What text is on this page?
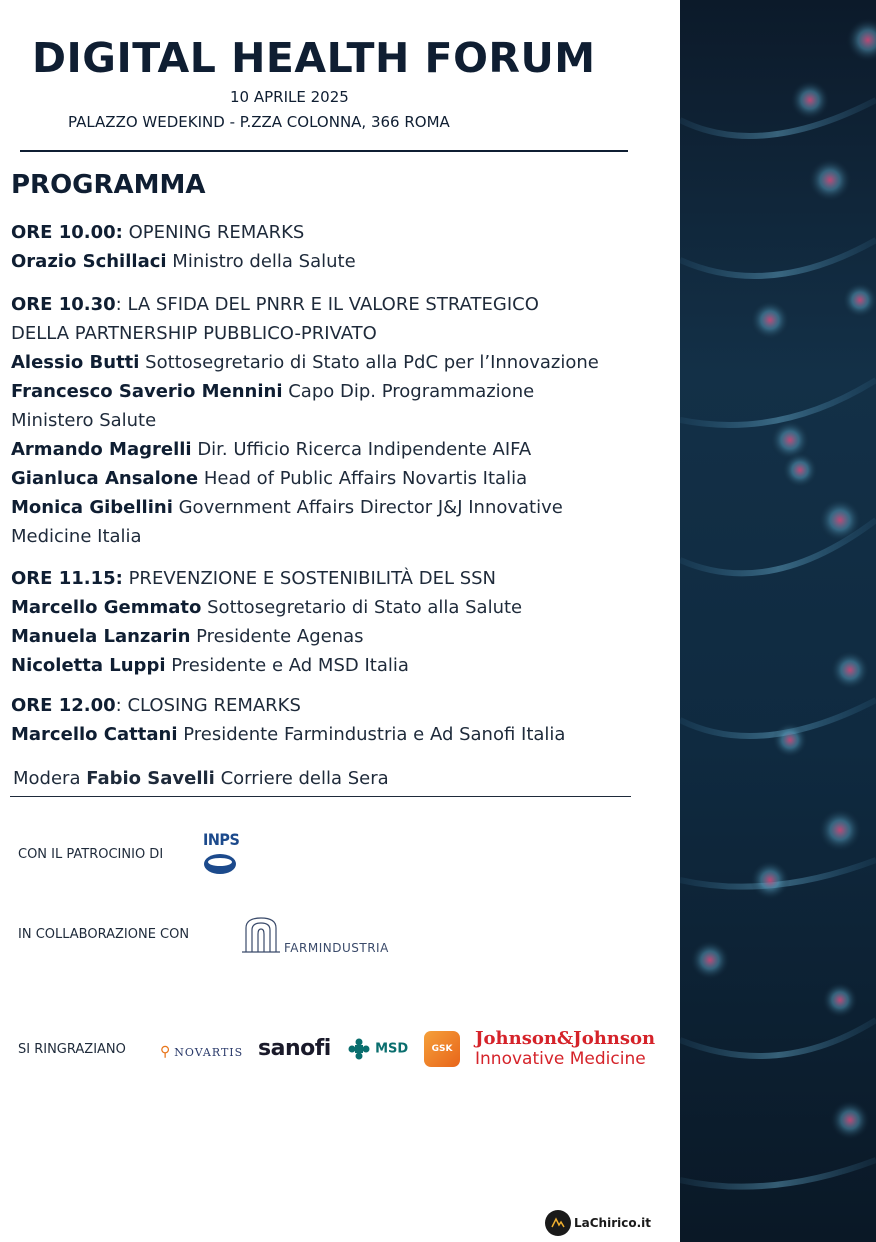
DIGITAL HEALTH FORUM
10 APRILE 2025
PALAZZO WEDEKIND - P.ZZA COLONNA, 366 ROMA
PROGRAMMA

ORE 10.00: OPENING REMARKS

Orazio Schillaci Ministro della Salute

ORE 10.30: LA SFIDA DEL PNRR E IL VALORE STRATEGICO

DELLA PARTNERSHIP PUBBLICO-PRIVATO

Alessio Butti Sottosegretario di Stato alla PdC per l’Innovazione

Francesco Saverio Mennini Capo Dip. Programmazione

Ministero Salute

Armando Magrelli Dir. Ufficio Ricerca Indipendente AIFA

Gianluca Ansalone Head of Public Affairs Novartis Italia

Monica Gibellini Government Affairs Director J&J Innovative

Medicine Italia

ORE 11.15: PREVENZIONE E SOSTENIBILITÀ DEL SSN

Marcello Gemmato Sottosegretario di Stato alla Salute

Manuela Lanzarin Presidente Agenas

Nicoletta Luppi Presidente e Ad MSD Italia

ORE 12.00: CLOSING REMARKS

Marcello Cattani Presidente Farmindustria e Ad Sanofi Italia

Modera Fabio Savelli Corriere della Sera
CON IL PATROCINIO DI
INPS
IN COLLABORAZIONE CON
FARMINDUSTRIA
SI RINGRAZIANO ⚲ NOVARTIS sanofi	MSD	GSK	Johnson&Johnson
Innovative Medicine
LaChirico.it
